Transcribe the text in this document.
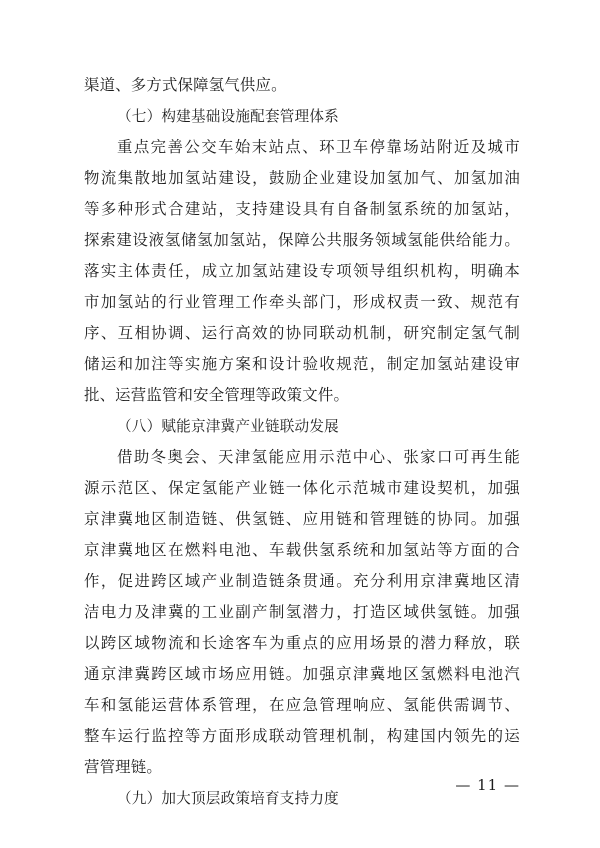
渠道、多方式保障氢气供应。
（七）构建基础设施配套管理体系
重点完善公交车始末站点、环卫车停靠场站附近及城市
物流集散地加氢站建设，鼓励企业建设加氢加气、加氢加油
等多种形式合建站，支持建设具有自备制氢系统的加氢站，
探索建设液氢储氢加氢站，保障公共服务领域氢能供给能力。
落实主体责任，成立加氢站建设专项领导组织机构，明确本
市加氢站的行业管理工作牵头部门，形成权责一致、规范有
序、互相协调、运行高效的协同联动机制，研究制定氢气制
储运和加注等实施方案和设计验收规范，制定加氢站建设审
批、运营监管和安全管理等政策文件。
（八）赋能京津冀产业链联动发展
借助冬奥会、天津氢能应用示范中心、张家口可再生能
源示范区、保定氢能产业链一体化示范城市建设契机，加强
京津冀地区制造链、供氢链、应用链和管理链的协同。加强
京津冀地区在燃料电池、车载供氢系统和加氢站等方面的合
作，促进跨区域产业制造链条贯通。充分利用京津冀地区清
洁电力及津冀的工业副产制氢潜力，打造区域供氢链。加强
以跨区域物流和长途客车为重点的应用场景的潜力释放，联
通京津冀跨区域市场应用链。加强京津冀地区氢燃料电池汽
车和氢能运营体系管理，在应急管理响应、氢能供需调节、
整车运行监控等方面形成联动管理机制，构建国内领先的运
营管理链。
（九）加大顶层政策培育支持力度
— 11 —
